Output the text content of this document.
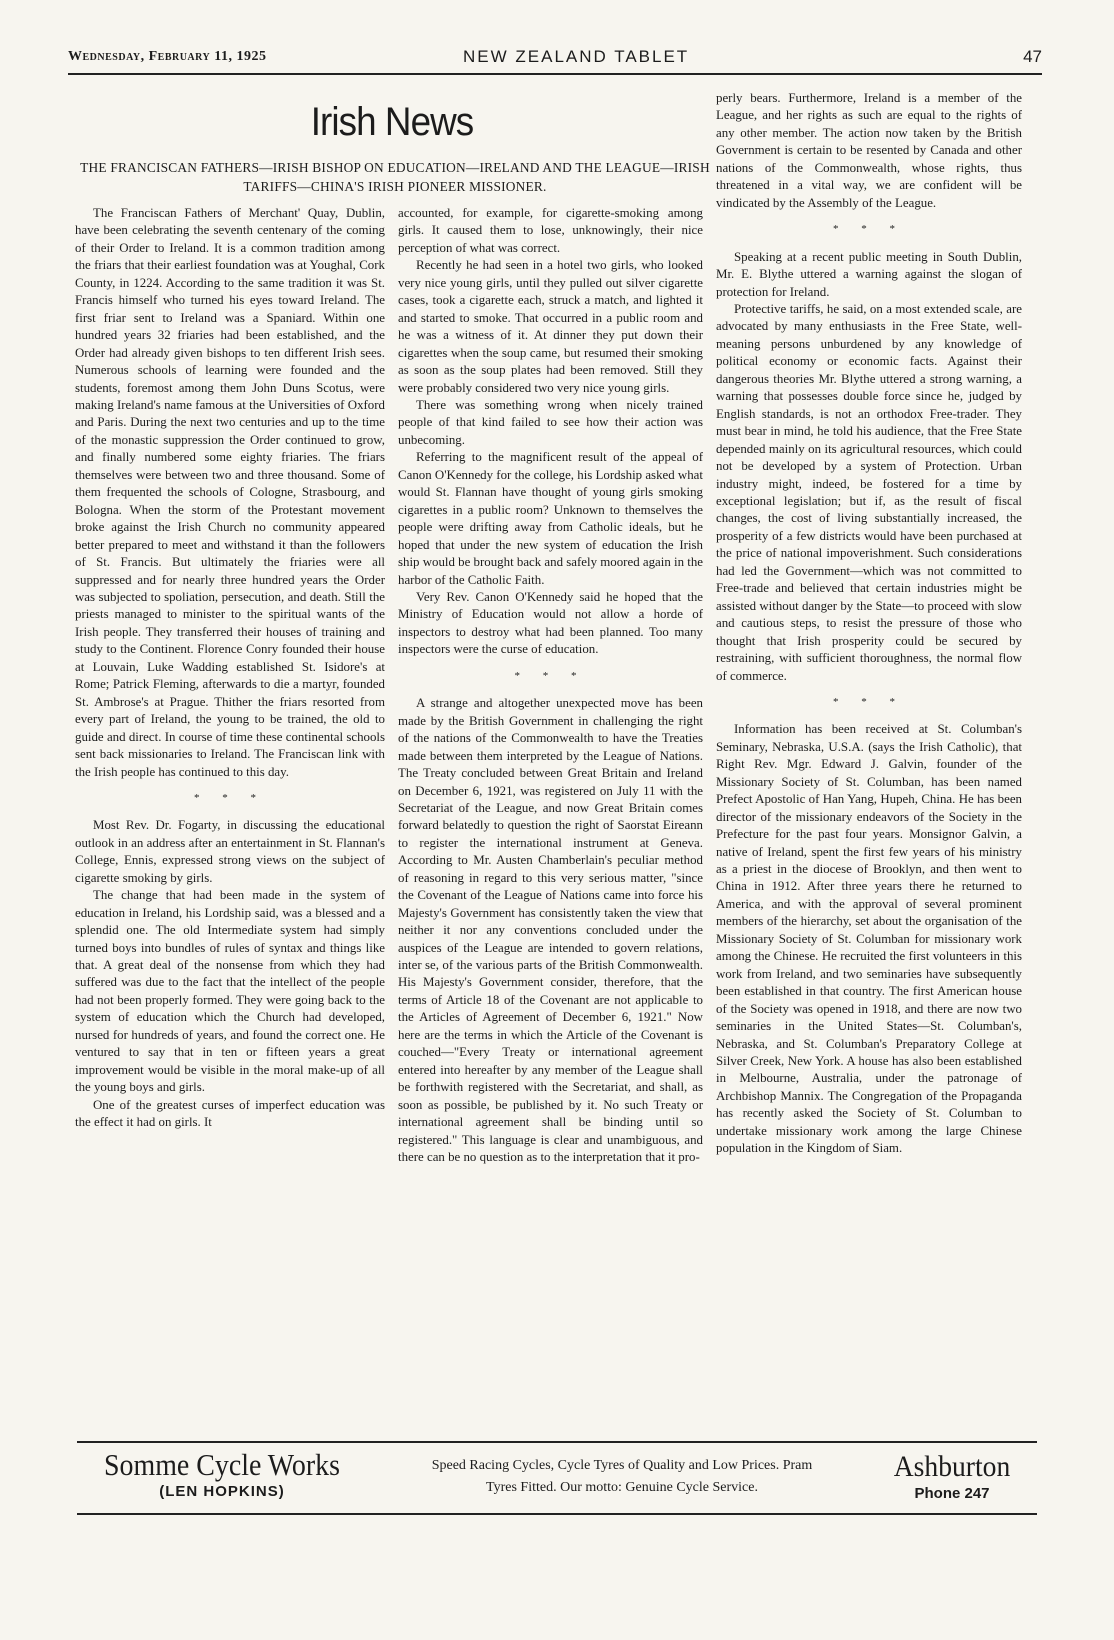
Wednesday, February 11, 1925	NEW ZEALAND TABLET	47
Irish News
THE FRANCISCAN FATHERS—IRISH BISHOP ON EDUCATION—IRELAND AND THE LEAGUE—IRISH TARIFFS—CHINA'S IRISH PIONEER MISSIONER.

The Franciscan Fathers of Merchant' Quay, Dublin, have been celebrating the seventh centenary of the coming of their Order to Ireland. It is a common tradition among the friars that their earliest foundation was at Youghal, Cork County, in 1224. According to the same tradition it was St. Francis himself who turned his eyes toward Ireland. The first friar sent to Ireland was a Spaniard. Within one hundred years 32 friaries had been established, and the Order had already given bishops to ten different Irish sees. Numerous schools of learning were founded and the students, foremost among them John Duns Scotus, were making Ireland's name famous at the Universities of Oxford and Paris. During the next two centuries and up to the time of the monastic suppression the Order continued to grow, and finally numbered some eighty friaries. The friars themselves were between two and three thousand. Some of them frequented the schools of Cologne, Strasbourg, and Bologna. When the storm of the Protestant movement broke against the Irish Church no community appeared better prepared to meet and withstand it than the followers of St. Francis. But ultimately the friaries were all suppressed and for nearly three hundred years the Order was subjected to spoliation, persecution, and death. Still the priests managed to minister to the spiritual wants of the Irish people. They transferred their houses of training and study to the Continent. Florence Conry founded their house at Louvain, Luke Wadding established St. Isidore's at Rome; Patrick Fleming, afterwards to die a martyr, founded St. Ambrose's at Prague. Thither the friars resorted from every part of Ireland, the young to be trained, the old to guide and direct. In course of time these continental schools sent back missionaries to Ireland. The Franciscan link with the Irish people has continued to this day.

* * *

Most Rev. Dr. Fogarty, in discussing the educational outlook in an address after an entertainment in St. Flannan's College, Ennis, expressed strong views on the subject of cigarette smoking by girls.

The change that had been made in the system of education in Ireland, his Lordship said, was a blessed and a splendid one. The old Intermediate system had simply turned boys into bundles of rules of syntax and things like that. A great deal of the nonsense from which they had suffered was due to the fact that the intellect of the people had not been properly formed. They were going back to the system of education which the Church had developed, nursed for hundreds of years, and found the correct one. He ventured to say that in ten or fifteen years a great improvement would be visible in the moral make-up of all the young boys and girls.

One of the greatest curses of imperfect education was the effect it had on girls. It

accounted, for example, for cigarette-smoking among girls. It caused them to lose, unknowingly, their nice perception of what was correct.

Recently he had seen in a hotel two girls, who looked very nice young girls, until they pulled out silver cigarette cases, took a cigarette each, struck a match, and lighted it and started to smoke. That occurred in a public room and he was a witness of it. At dinner they put down their cigarettes when the soup came, but resumed their smoking as soon as the soup plates had been removed. Still they were probably considered two very nice young girls.

There was something wrong when nicely trained people of that kind failed to see how their action was unbecoming.

Referring to the magnificent result of the appeal of Canon O'Kennedy for the college, his Lordship asked what would St. Flannan have thought of young girls smoking cigarettes in a public room? Unknown to themselves the people were drifting away from Catholic ideals, but he hoped that under the new system of education the Irish ship would be brought back and safely moored again in the harbor of the Catholic Faith.

Very Rev. Canon O'Kennedy said he hoped that the Ministry of Education would not allow a horde of inspectors to destroy what had been planned. Too many inspectors were the curse of education.

* * *

A strange and altogether unexpected move has been made by the British Government in challenging the right of the nations of the Commonwealth to have the Treaties made between them interpreted by the League of Nations. The Treaty concluded between Great Britain and Ireland on December 6, 1921, was registered on July 11 with the Secretariat of the League, and now Great Britain comes forward belatedly to question the right of Saorstat Eireann to register the international instrument at Geneva. According to Mr. Austen Chamberlain's peculiar method of reasoning in regard to this very serious matter, "since the Covenant of the League of Nations came into force his Majesty's Government has consistently taken the view that neither it nor any conventions concluded under the auspices of the League are intended to govern relations, inter se, of the various parts of the British Commonwealth. His Majesty's Government consider, therefore, that the terms of Article 18 of the Covenant are not applicable to the Articles of Agreement of December 6, 1921." Now here are the terms in which the Article of the Covenant is couched—"Every Treaty or international agreement entered into hereafter by any member of the League shall be forthwith registered with the Secretariat, and shall, as soon as possible, be published by it. No such Treaty or international agreement shall be binding until so registered." This language is clear and unambiguous, and there can be no question as to the interpretation that it pro-

perly bears. Furthermore, Ireland is a member of the League, and her rights as such are equal to the rights of any other member. The action now taken by the British Government is certain to be resented by Canada and other nations of the Commonwealth, whose rights, thus threatened in a vital way, we are confident will be vindicated by the Assembly of the League.

* * *

Speaking at a recent public meeting in South Dublin, Mr. E. Blythe uttered a warning against the slogan of protection for Ireland.

Protective tariffs, he said, on a most extended scale, are advocated by many enthusiasts in the Free State, well-meaning persons unburdened by any knowledge of political economy or economic facts. Against their dangerous theories Mr. Blythe uttered a strong warning, a warning that possesses double force since he, judged by English standards, is not an orthodox Free-trader. They must bear in mind, he told his audience, that the Free State depended mainly on its agricultural resources, which could not be developed by a system of Protection. Urban industry might, indeed, be fostered for a time by exceptional legislation; but if, as the result of fiscal changes, the cost of living substantially increased, the prosperity of a few districts would have been purchased at the price of national impoverishment. Such considerations had led the Government—which was not committed to Free-trade and believed that certain industries might be assisted without danger by the State—to proceed with slow and cautious steps, to resist the pressure of those who thought that Irish prosperity could be secured by restraining, with sufficient thoroughness, the normal flow of commerce.

* * *

Information has been received at St. Columban's Seminary, Nebraska, U.S.A. (says the Irish Catholic), that Right Rev. Mgr. Edward J. Galvin, founder of the Missionary Society of St. Columban, has been named Prefect Apostolic of Han Yang, Hupeh, China. He has been director of the missionary endeavors of the Society in the Prefecture for the past four years. Monsignor Galvin, a native of Ireland, spent the first few years of his ministry as a priest in the diocese of Brooklyn, and then went to China in 1912. After three years there he returned to America, and with the approval of several prominent members of the hierarchy, set about the organisation of the Missionary Society of St. Columban for missionary work among the Chinese. He recruited the first volunteers in this work from Ireland, and two seminaries have subsequently been established in that country. The first American house of the Society was opened in 1918, and there are now two seminaries in the United States—St. Columban's, Nebraska, and St. Columban's Preparatory College at Silver Creek, New York. A house has also been established in Melbourne, Australia, under the patronage of Archbishop Mannix. The Congregation of the Propaganda has recently asked the Society of St. Columban to undertake missionary work among the large Chinese population in the Kingdom of Siam.

Somme Cycle Works
(LEN HOPKINS)
Speed Racing Cycles, Cycle Tyres of Quality and Low Prices. Pram
Tyres Fitted. Our motto: Genuine Cycle Service.
Ashburton
Phone 247
